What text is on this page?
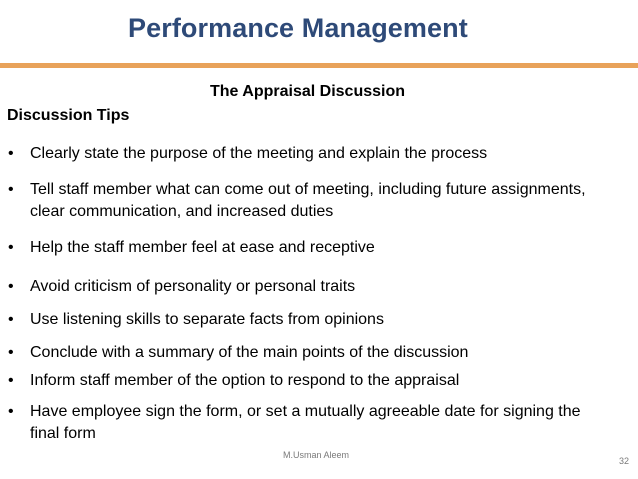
Performance Management
The Appraisal Discussion
Discussion Tips
• Clearly state the purpose of the meeting and explain the process
• Tell staff member what can come out of meeting, including future assignments, clear communication, and increased duties
• Help the staff member feel at ease and receptive
• Avoid criticism of personality or personal traits
• Use listening skills to separate facts from opinions
• Conclude with a summary of the main points of the discussion
• Inform staff member of the option to respond to the appraisal
• Have employee sign the form, or set a mutually agreeable date for signing the final form
M.Usman Aleem
32
